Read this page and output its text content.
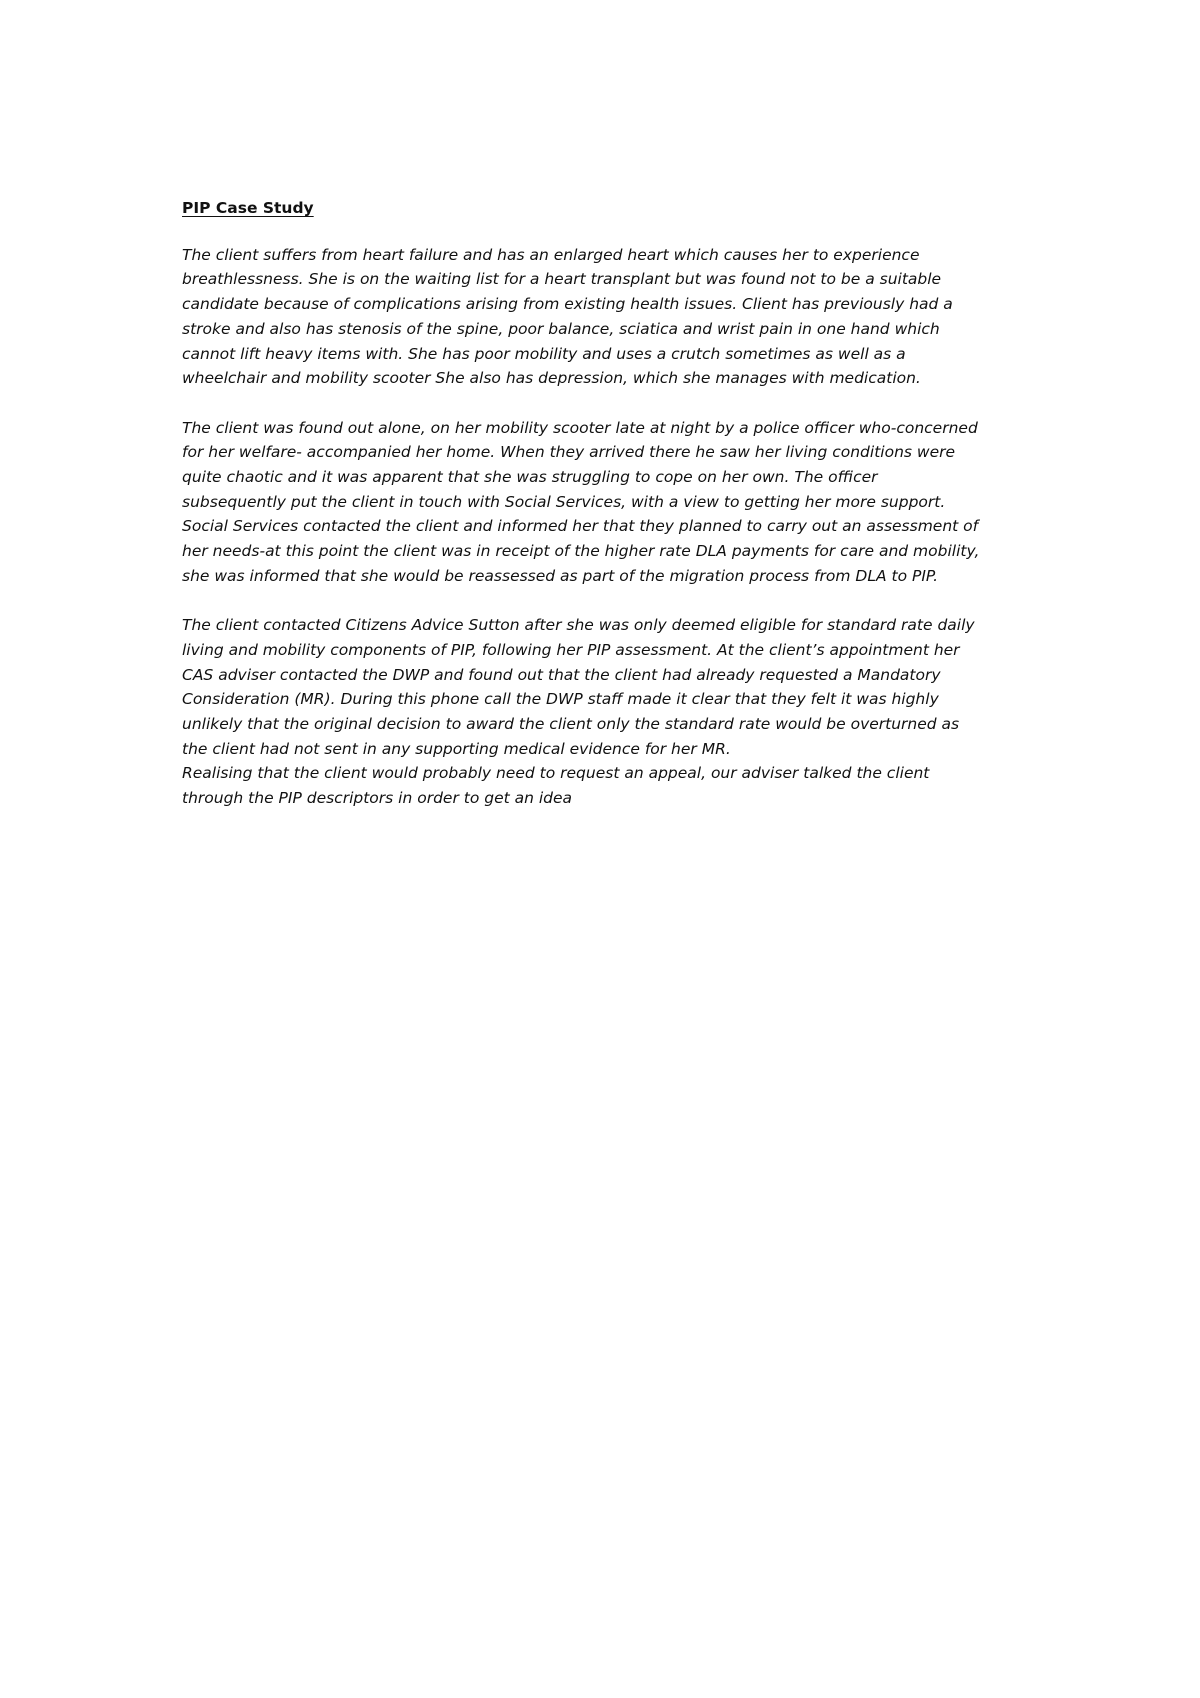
PIP Case Study

The client suffers from heart failure and has an enlarged heart which causes her to experience
breathlessness. She is on the waiting list for a heart transplant but was found not to be a suitable
candidate because of complications arising from existing health issues. Client has previously had a
stroke and also has stenosis of the spine, poor balance, sciatica and wrist pain in one hand which
cannot lift heavy items with. She has poor mobility and uses a crutch sometimes as well as a
wheelchair and mobility scooter She also has depression, which she manages with medication.

The client was found out alone, on her mobility scooter late at night by a police officer who-concerned
for her welfare- accompanied her home. When they arrived there he saw her living conditions were
quite chaotic and it was apparent that she was struggling to cope on her own. The officer
subsequently put the client in touch with Social Services, with a view to getting her more support.
Social Services contacted the client and informed her that they planned to carry out an assessment of
her needs-at this point the client was in receipt of the higher rate DLA payments for care and mobility,
she was informed that she would be reassessed as part of the migration process from DLA to PIP.

The client contacted Citizens Advice Sutton after she was only deemed eligible for standard rate daily
living and mobility components of PIP, following her PIP assessment. At the client’s appointment her
CAS adviser contacted the DWP and found out that the client had already requested a Mandatory
Consideration (MR). During this phone call the DWP staff made it clear that they felt it was highly
unlikely that the original decision to award the client only the standard rate would be overturned as
the client had not sent in any supporting medical evidence for her MR.

Realising that the client would probably need to request an appeal, our adviser talked the client
through the PIP descriptors in order to get an idea
